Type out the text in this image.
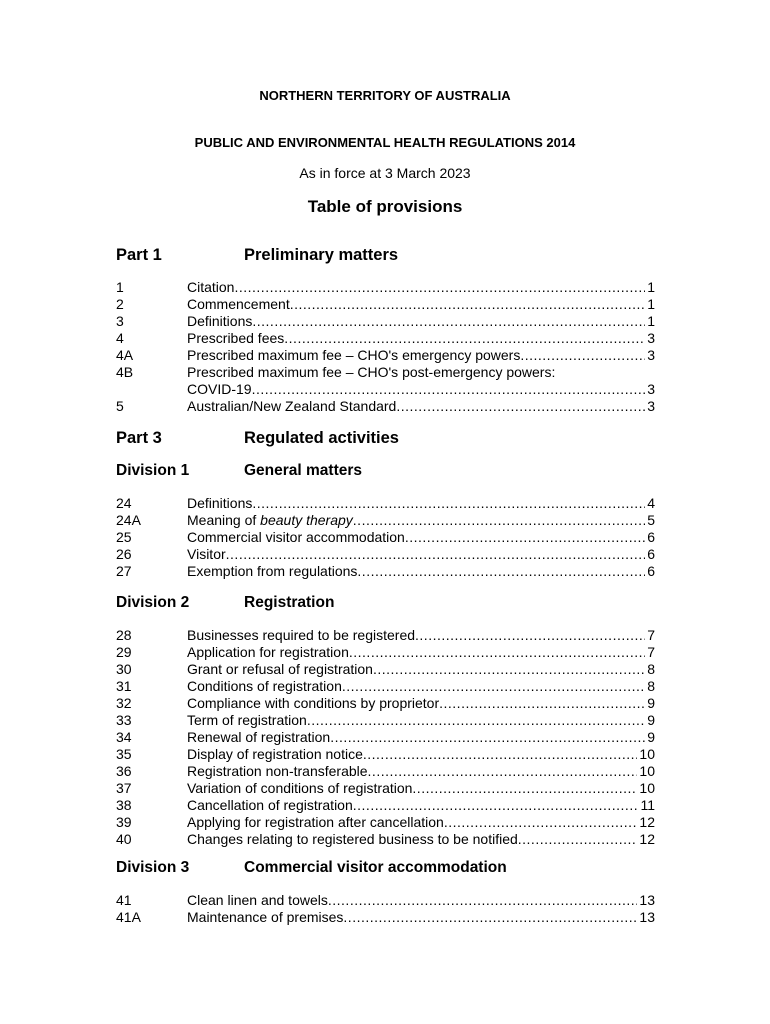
NORTHERN TERRITORY OF AUSTRALIA
PUBLIC AND ENVIRONMENTAL HEALTH REGULATIONS 2014
As in force at 3 March 2023
Table of provisions
Part 1	Preliminary matters
1	Citation .....	1
2	Commencement .....	1
3	Definitions .....	1
4	Prescribed fees .....	3
4A	Prescribed maximum fee – CHO's emergency powers .....	3
4B	Prescribed maximum fee – CHO's post-emergency powers:
COVID-19 .....	3
5	Australian/New Zealand Standard .....	3
Part 3	Regulated activities
Division 1	General matters
24	Definitions .....	4
24A	Meaning of beauty therapy .....	5
25	Commercial visitor accommodation .....	6
26	Visitor .....	6
27	Exemption from regulations .....	6
Division 2	Registration
28	Businesses required to be registered .....	7
29	Application for registration .....	7
30	Grant or refusal of registration .....	8
31	Conditions of registration .....	8
32	Compliance with conditions by proprietor .....	9
33	Term of registration .....	9
34	Renewal of registration .....	9
35	Display of registration notice .....	10
36	Registration non-transferable .....	10
37	Variation of conditions of registration .....	10
38	Cancellation of registration .....	11
39	Applying for registration after cancellation .....	12
40	Changes relating to registered business to be notified .....	12
Division 3	Commercial visitor accommodation
41	Clean linen and towels .....	13
41A	Maintenance of premises .....	13
